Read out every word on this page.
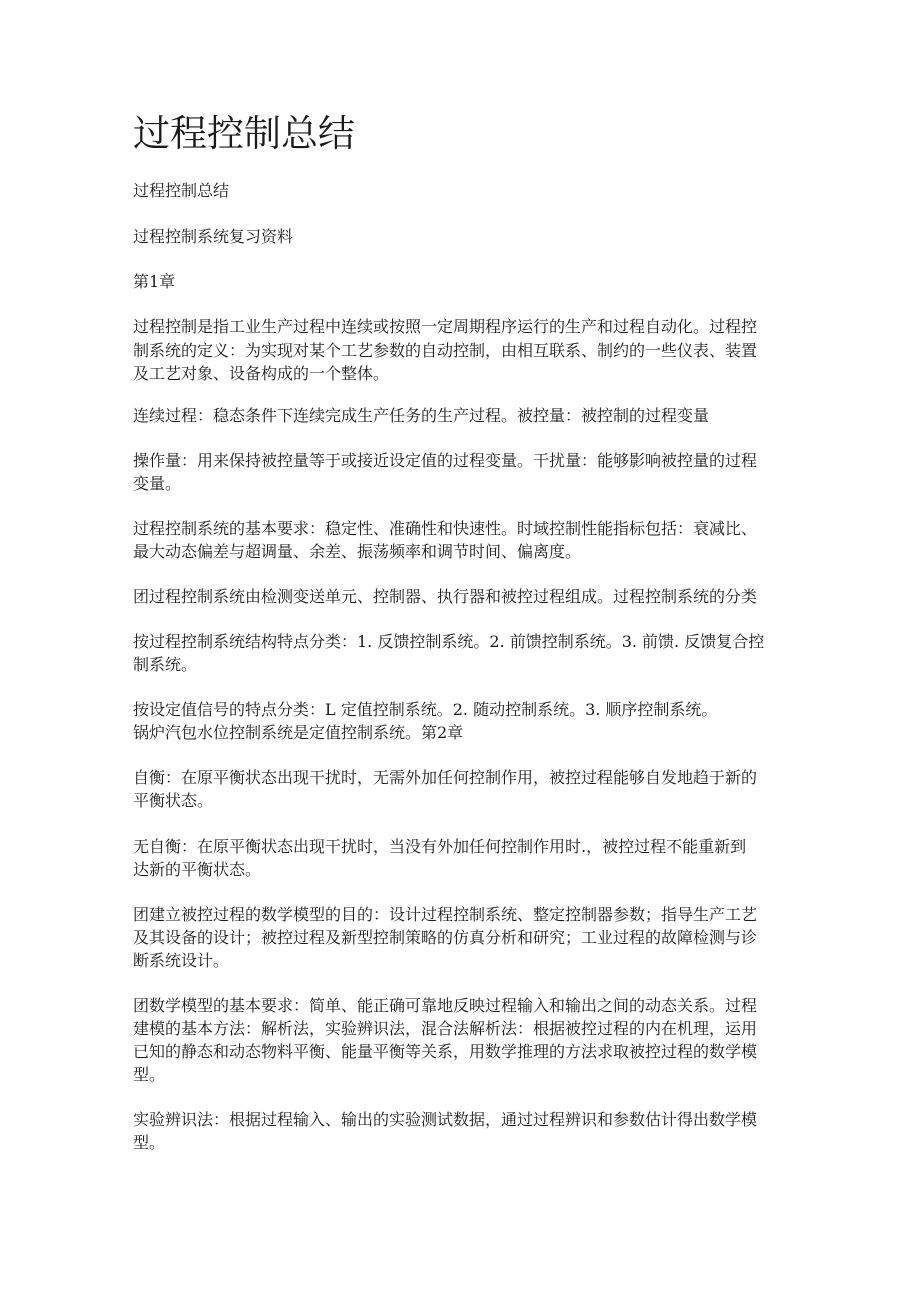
过程控制总结

过程控制总结

过程控制系统复习资料

第1章

过程控制是指工业生产过程中连续或按照一定周期程序运行的生产和过程自动化。过程控

制系统的定义：为实现对某个工艺参数的自动控制，由相互联系、制约的一些仪表、装置

及工艺对象、设备构成的一个整体。

连续过程：稳态条件下连续完成生产任务的生产过程。被控量：被控制的过程变量

操作量：用来保持被控量等于或接近设定值的过程变量。干扰量：能够影响被控量的过程

变量。

过程控制系统的基本要求：稳定性、准确性和快速性。时域控制性能指标包括：衰减比、

最大动态偏差与超调量、余差、振荡频率和调节时间、偏离度。

团过程控制系统由检测变送单元、控制器、执行器和被控过程组成。过程控制系统的分类

按过程控制系统结构特点分类：1. 反馈控制系统。2. 前馈控制系统。3. 前馈. 反馈复合控

制系统。

按设定值信号的特点分类：L 定值控制系统。2. 随动控制系统。3. 顺序控制系统。

锅炉汽包水位控制系统是定值控制系统。第2章

自衡：在原平衡状态出现干扰时，无需外加任何控制作用，被控过程能够自发地趋于新的

平衡状态。

无自衡：在原平衡状态出现干扰时，当没有外加任何控制作用时.，被控过程不能重新到

达新的平衡状态。

团建立被控过程的数学模型的目的：设计过程控制系统、整定控制器参数；指导生产工艺

及其设备的设计；被控过程及新型控制策略的仿真分析和研究；工业过程的故障检测与诊

断系统设计。

团数学模型的基本要求：简单、能正确可靠地反映过程输入和输出之间的动态关系。过程

建模的基本方法：解析法，实验辨识法，混合法解析法：根据被控过程的内在机理，运用

已知的静态和动态物料平衡、能量平衡等关系，用数学推理的方法求取被控过程的数学模

型。

实验辨识法：根据过程输入、输出的实验测试数据，通过过程辨识和参数估计得出数学模

型。
